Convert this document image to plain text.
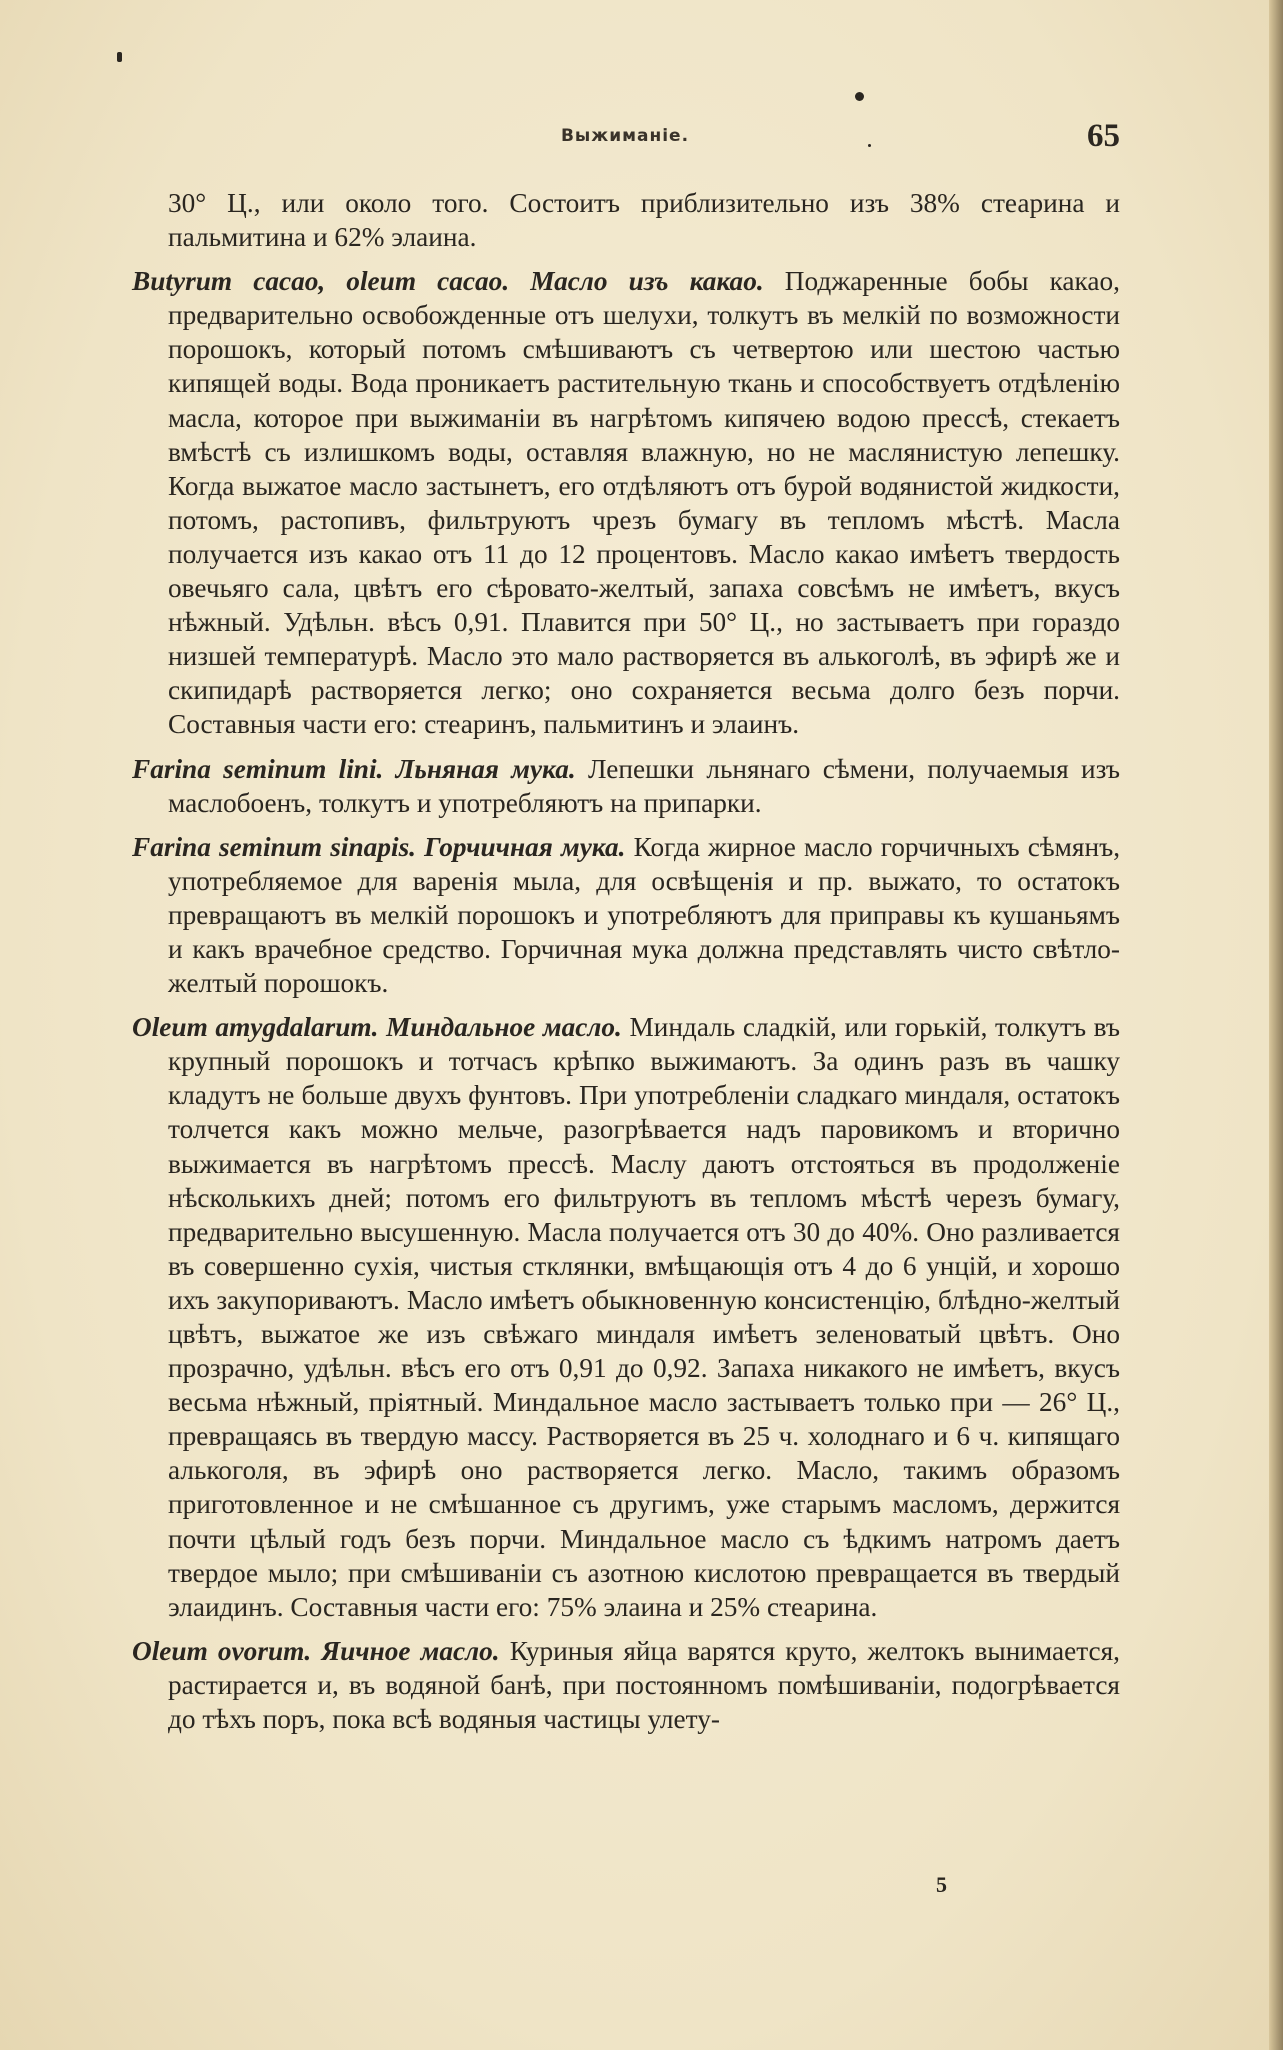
Выжиманіе.	65

30° Ц., или около того. Состоитъ приблизительно изъ 38% стеарина и пальмитина и 62% элаина.

Butyrum cacao, oleum cacao. Масло изъ какао. Поджаренные бобы какао, предварительно освобожденные отъ шелухи, толкутъ въ мелкій по возможности порошокъ, который потомъ смѣшиваютъ съ четвертою или шестою частью кипящей воды. Вода проникаетъ растительную ткань и способствуетъ отдѣленію масла, которое при выжиманіи въ нагрѣтомъ кипячею водою прессѣ, стекаетъ вмѣстѣ съ излишкомъ воды, оставляя влажную, но не маслянистую лепешку. Когда выжатое масло застынетъ, его отдѣляютъ отъ бурой водянистой жидкости, потомъ, растопивъ, фильтруютъ чрезъ бумагу въ тепломъ мѣстѣ. Масла получается изъ какао отъ 11 до 12 процентовъ. Масло какао имѣетъ твердость овечьяго сала, цвѣтъ его сѣровато-желтый, запаха совсѣмъ не имѣетъ, вкусъ нѣжный. Удѣльн. вѣсъ 0,91. Плавится при 50° Ц., но застываетъ при гораздо низшей температурѣ. Масло это мало растворяется въ алькоголѣ, въ эфирѣ же и скипидарѣ растворяется легко; оно сохраняется весьма долго безъ порчи. Составныя части его: стеаринъ, пальмитинъ и элаинъ.

Farina seminum lini. Льняная мука. Лепешки льнянаго сѣмени, получаемыя изъ маслобоенъ, толкутъ и употребляютъ на припарки.

Farina seminum sinapis. Горчичная мука. Когда жирное масло горчичныхъ сѣмянъ, употребляемое для варенія мыла, для освѣщенія и пр. выжато, то остатокъ превращаютъ въ мелкій порошокъ и употребляютъ для приправы къ кушаньямъ и какъ врачебное средство. Горчичная мука должна представлять чисто свѣтло-желтый порошокъ.

Oleum amygdalarum. Миндальное масло. Миндаль сладкій, или горькій, толкутъ въ крупный порошокъ и тотчасъ крѣпко выжимаютъ. За одинъ разъ въ чашку кладутъ не больше двухъ фунтовъ. При употребленіи сладкаго миндаля, остатокъ толчется какъ можно мельче, разогрѣвается надъ паровикомъ и вторично выжимается въ нагрѣтомъ прессѣ. Маслу даютъ отстояться въ продолженіе нѣсколькихъ дней; потомъ его фильтруютъ въ тепломъ мѣстѣ черезъ бумагу, предварительно высушенную. Масла получается отъ 30 до 40%. Оно разливается въ совершенно сухія, чистыя стклянки, вмѣщающія отъ 4 до 6 унцій, и хорошо ихъ закупориваютъ. Масло имѣетъ обыкновенную консистенцію, блѣдно-желтый цвѣтъ, выжатое же изъ свѣжаго миндаля имѣетъ зеленоватый цвѣтъ. Оно прозрачно, удѣльн. вѣсъ его отъ 0,91 до 0,92. Запаха никакого не имѣетъ, вкусъ весьма нѣжный, пріятный. Миндальное масло застываетъ только при — 26° Ц., превращаясь въ твердую массу. Растворяется въ 25 ч. холоднаго и 6 ч. кипящаго алькоголя, въ эфирѣ оно растворяется легко. Масло, такимъ образомъ приготовленное и не смѣшанное съ другимъ, уже старымъ масломъ, держится почти цѣлый годъ безъ порчи. Миндальное масло съ ѣдкимъ натромъ даетъ твердое мыло; при смѣшиваніи съ азотною кислотою превращается въ твердый элаидинъ. Составныя части его: 75% элаина и 25% стеарина.

Oleum ovorum. Яичное масло. Куриныя яйца варятся круто, желтокъ вынимается, растирается и, въ водяной банѣ, при постоянномъ помѣшиваніи, подогрѣвается до тѣхъ поръ, пока всѣ водяныя частицы улету-

5
